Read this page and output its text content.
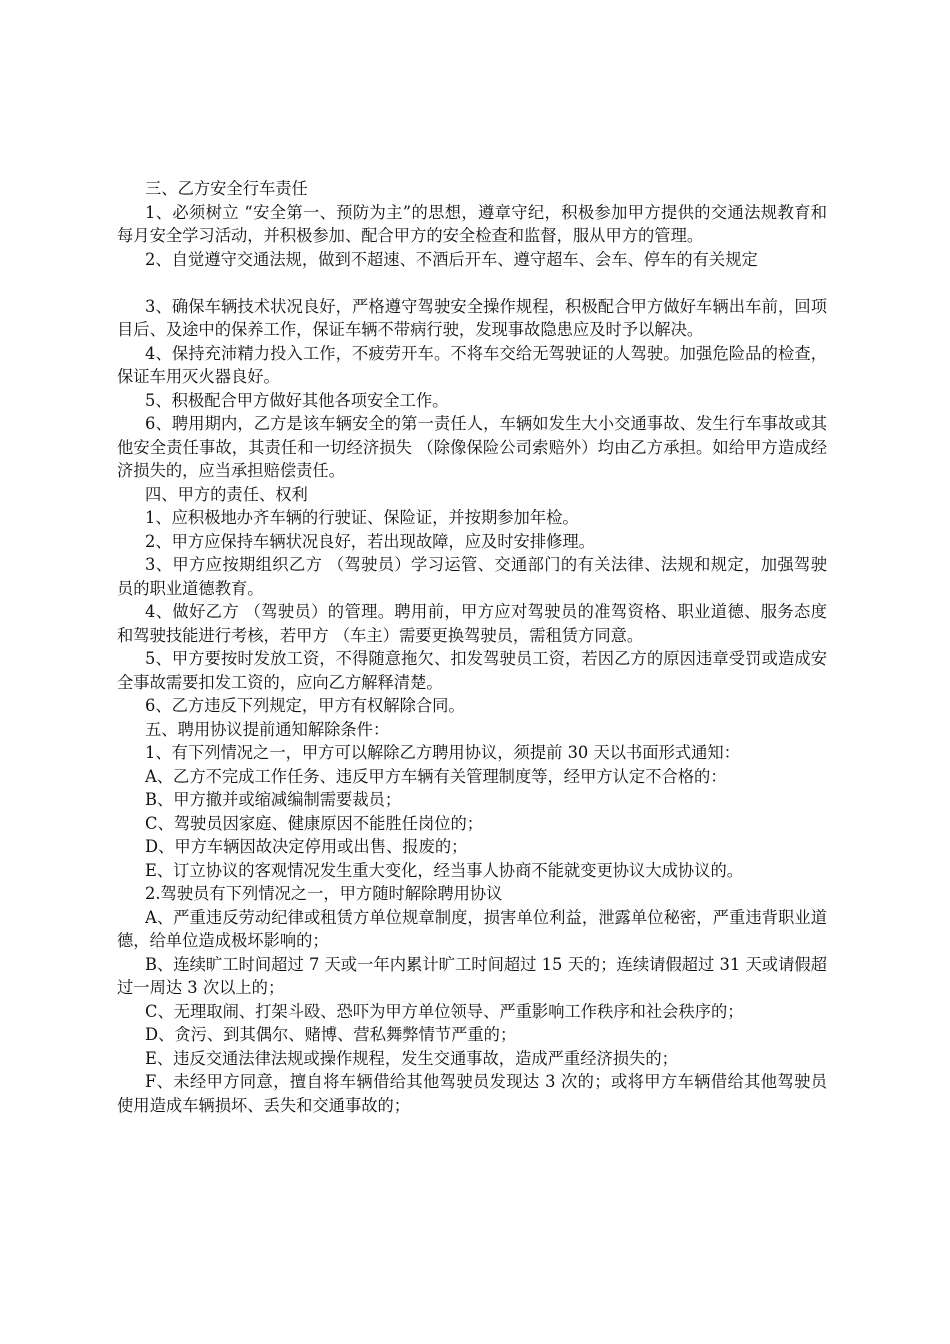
三、乙方安全行车责任

1、必须树立 “安全第一、预防为主”的思想，遵章守纪，积极参加甲方提供的交通法规教育和每月安全学习活动，并积极参加、配合甲方的安全检查和监督，服从甲方的管理。

2、自觉遵守交通法规，做到不超速、不酒后开车、遵守超车、会车、停车的有关规定

3、确保车辆技术状况良好，严格遵守驾驶安全操作规程，积极配合甲方做好车辆出车前，回项目后、及途中的保养工作，保证车辆不带病行驶，发现事故隐患应及时予以解决。

4、保持充沛精力投入工作，不疲劳开车。不将车交给无驾驶证的人驾驶。加强危险品的检查，保证车用灭火器良好。

5、积极配合甲方做好其他各项安全工作。

6、聘用期内，乙方是该车辆安全的第一责任人，车辆如发生大小交通事故、发生行车事故或其他安全责任事故，其责任和一切经济损失 （除像保险公司索赔外）均由乙方承担。如给甲方造成经济损失的，应当承担赔偿责任。

四、甲方的责任、权利

1、应积极地办齐车辆的行驶证、保险证，并按期参加年检。

2、甲方应保持车辆状况良好，若出现故障，应及时安排修理。

3、甲方应按期组织乙方 （驾驶员）学习运管、交通部门的有关法律、法规和规定，加强驾驶员的职业道德教育。

4、做好乙方 （驾驶员）的管理。聘用前，甲方应对驾驶员的准驾资格、职业道德、服务态度和驾驶技能进行考核，若甲方 （车主）需要更换驾驶员，需租赁方同意。

5、甲方要按时发放工资，不得随意拖欠、扣发驾驶员工资，若因乙方的原因违章受罚或造成安全事故需要扣发工资的，应向乙方解释清楚。

6、乙方违反下列规定，甲方有权解除合同。

五、聘用协议提前通知解除条件：

1、有下列情况之一，甲方可以解除乙方聘用协议，须提前 30 天以书面形式通知：

A、乙方不完成工作任务、违反甲方车辆有关管理制度等，经甲方认定不合格的：

B、甲方撤并或缩减编制需要裁员；

C、驾驶员因家庭、健康原因不能胜任岗位的；

D、甲方车辆因故决定停用或出售、报废的；

E、订立协议的客观情况发生重大变化，经当事人协商不能就变更协议大成协议的。

2.驾驶员有下列情况之一，甲方随时解除聘用协议

A、严重违反劳动纪律或租赁方单位规章制度，损害单位利益，泄露单位秘密，严重违背职业道德，给单位造成极坏影响的；

B、连续旷工时间超过 7 天或一年内累计旷工时间超过 15 天的；连续请假超过 31 天或请假超过一周达 3 次以上的；

C、无理取闹、打架斗殴、恐吓为甲方单位领导、严重影响工作秩序和社会秩序的；

D、贪污、到其偶尔、赌博、营私舞弊情节严重的；

E、违反交通法律法规或操作规程，发生交通事故，造成严重经济损失的；

F、未经甲方同意，擅自将车辆借给其他驾驶员发现达 3 次的；或将甲方车辆借给其他驾驶员使用造成车辆损坏、丢失和交通事故的；
